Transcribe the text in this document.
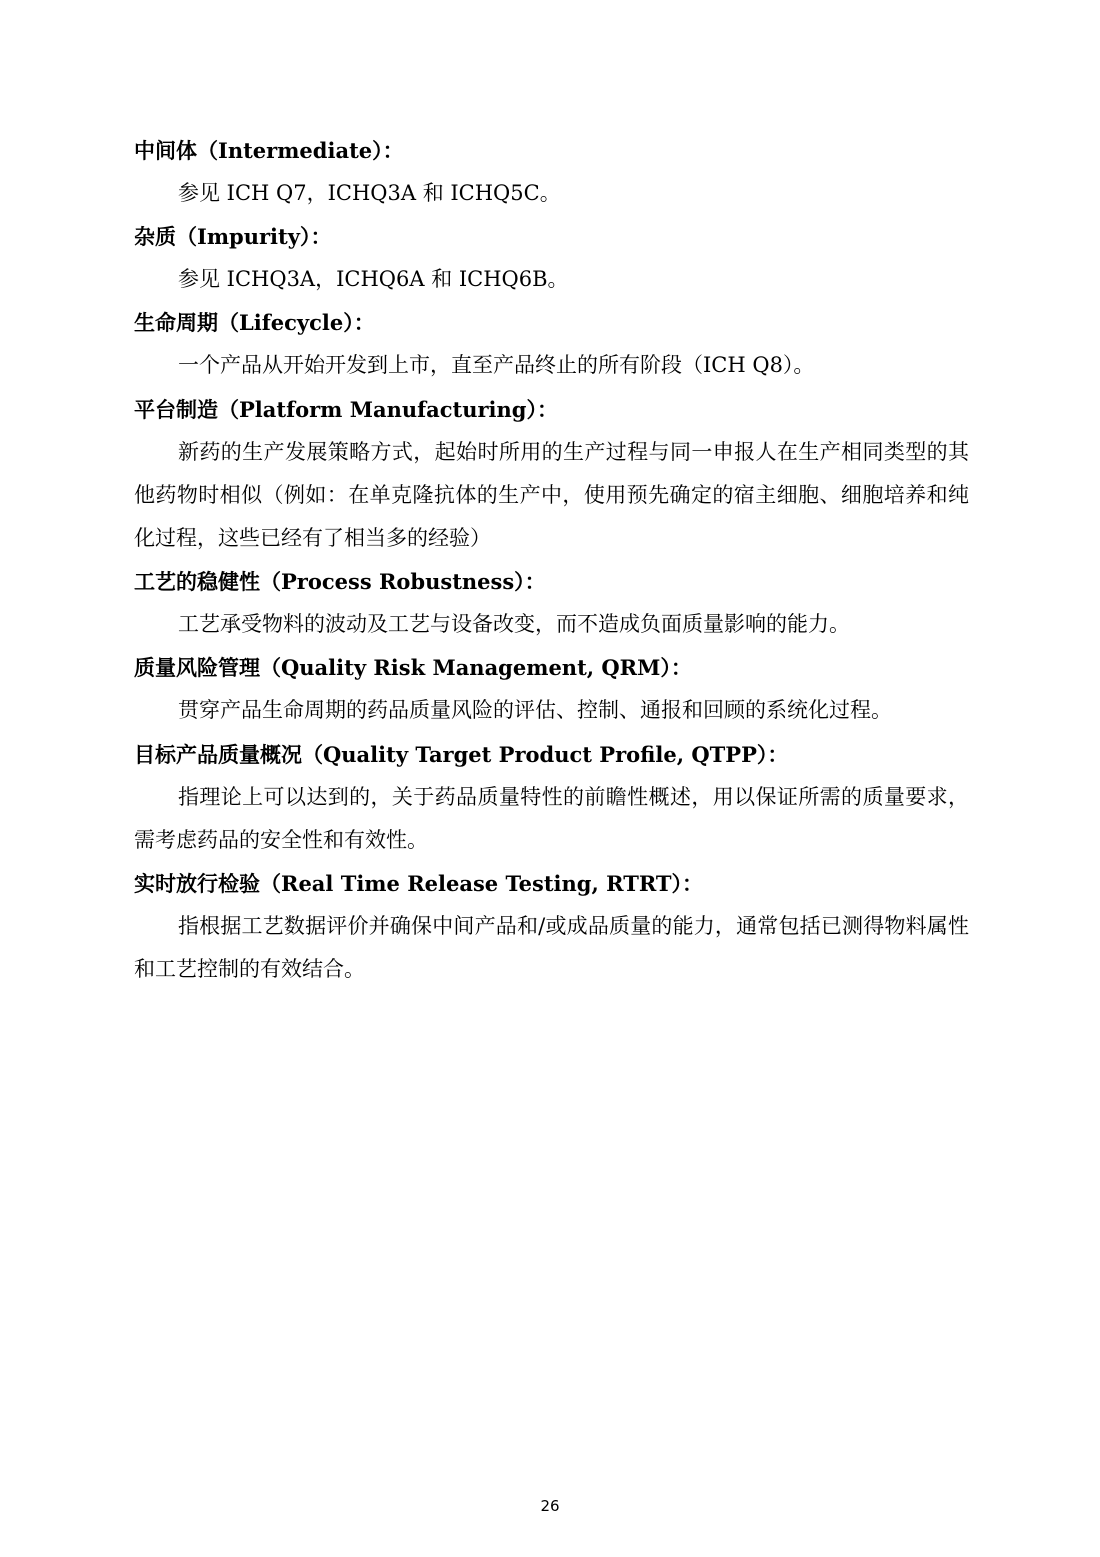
中间体（Intermediate）：

参见 ICH Q7，ICHQ3A 和 ICHQ5C。

杂质（Impurity）：

参见 ICHQ3A，ICHQ6A 和 ICHQ6B。

生命周期（Lifecycle）：

一个产品从开始开发到上市，直至产品终止的所有阶段（ICH Q8）。

平台制造（Platform Manufacturing）：

新药的生产发展策略方式，起始时所用的生产过程与同一申报人在生产相同类型的其他药物时相似（例如：在单克隆抗体的生产中，使用预先确定的宿主细胞、细胞培养和纯化过程，这些已经有了相当多的经验）

工艺的稳健性（Process Robustness）：

工艺承受物料的波动及工艺与设备改变，而不造成负面质量影响的能力。

质量风险管理（Quality Risk Management, QRM）：

贯穿产品生命周期的药品质量风险的评估、控制、通报和回顾的系统化过程。

目标产品质量概况（Quality Target Product Profile, QTPP）：

指理论上可以达到的，关于药品质量特性的前瞻性概述，用以保证所需的质量要求，需考虑药品的安全性和有效性。

实时放行检验（Real Time Release Testing, RTRT）：

指根据工艺数据评价并确保中间产品和/或成品质量的能力，通常包括已测得物料属性和工艺控制的有效结合。

26
